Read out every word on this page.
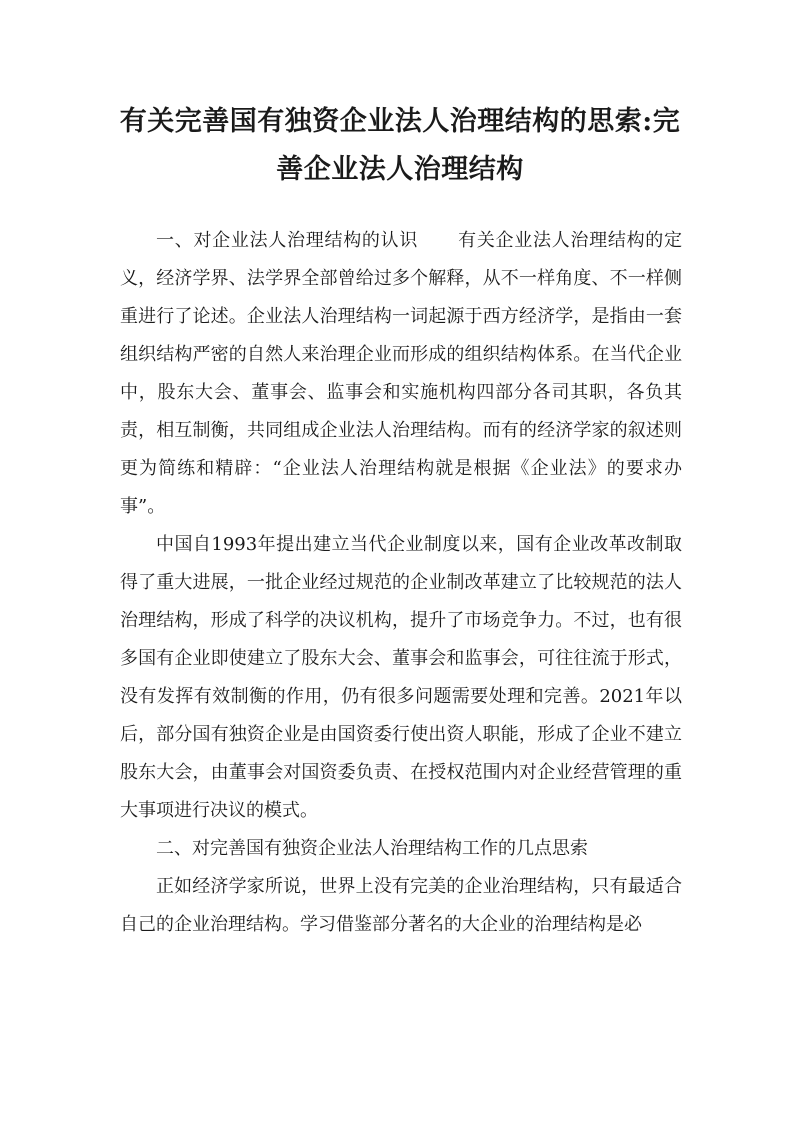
有关完善国有独资企业法人治理结构的思索:完善企业法人治理结构

一、对企业法人治理结构的认识 有关企业法人治理结构的定义，经济学界、法学界全部曾给过多个解释，从不一样角度、不一样侧重进行了论述。企业法人治理结构一词起源于西方经济学，是指由一套组织结构严密的自然人来治理企业而形成的组织结构体系。在当代企业中，股东大会、董事会、监事会和实施机构四部分各司其职，各负其责，相互制衡，共同组成企业法人治理结构。而有的经济学家的叙述则更为简练和精辟：“企业法人治理结构就是根据《企业法》的要求办事”。

中国自1993年提出建立当代企业制度以来，国有企业改革改制取得了重大进展，一批企业经过规范的企业制改革建立了比较规范的法人治理结构，形成了科学的决议机构，提升了市场竞争力。不过，也有很多国有企业即使建立了股东大会、董事会和监事会，可往往流于形式，没有发挥有效制衡的作用，仍有很多问题需要处理和完善。2021年以后，部分国有独资企业是由国资委行使出资人职能，形成了企业不建立股东大会，由董事会对国资委负责、在授权范围内对企业经营管理的重大事项进行决议的模式。

二、对完善国有独资企业法人治理结构工作的几点思索

正如经济学家所说，世界上没有完美的企业治理结构，只有最适合自己的企业治理结构。学习借鉴部分著名的大企业的治理结构是必
